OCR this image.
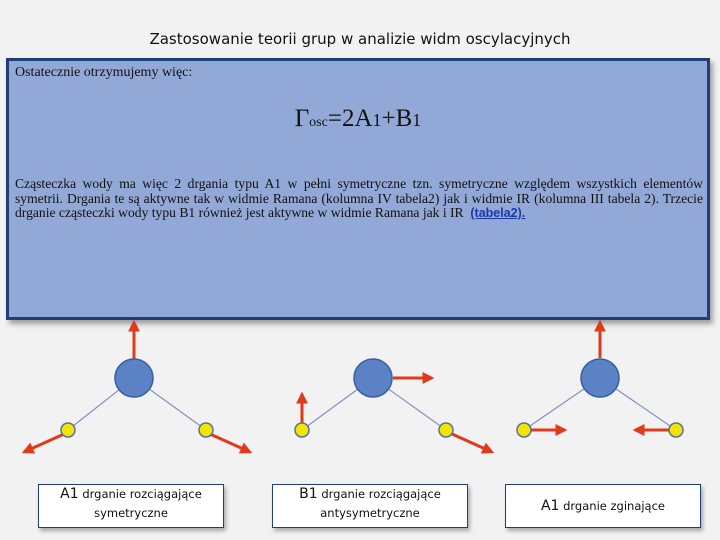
Zastosowanie teorii grup w analizie widm oscylacyjnych
Ostatecznie otrzymujemy więc:
Γosc=2A1+B1
Cząsteczka wody ma więc 2 drgania typu A1 w pełni symetryczne tzn. symetryczne względem wszystkich elementów symetrii. Drgania te są aktywne tak w widmie Ramana (kolumna IV tabela2) jak i widmie IR (kolumna III tabela 2). Trzecie drganie cząsteczki wody typu B1 również jest aktywne w widmie Ramana jak i IR (tabela2).
A1 drganie rozciągające
symetryczne
B1 drganie rozciągające
antysymetryczne	A1 drganie zginające
